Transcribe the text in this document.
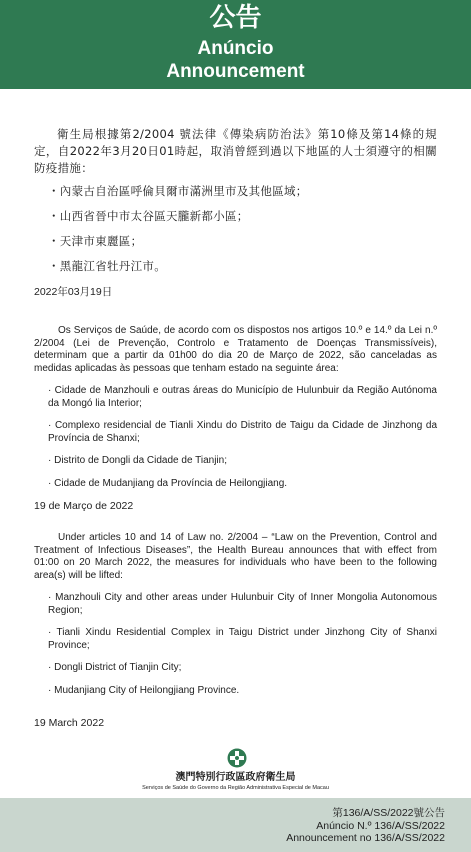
公告
Anúncio
Announcement

衛生局根據第2/2004 號法律《傳染病防治法》第10條及第14條的規定，自2022年3月20日01時起，取消曾經到過以下地區的人士須遵守的相關防疫措施：

・內蒙古自治區呼倫貝爾市滿洲里市及其他區域；

・山西省晉中市太谷區天朧新都小區；

・天津市東麗區；

・黑龍江省牡丹江市。

2022年03月19日

Os Serviços de Saúde, de acordo com os dispostos nos artigos 10.º e 14.º da Lei n.º 2/2004 (Lei de Prevenção, Controlo e Tratamento de Doenças Transmissíveis), determinam que a partir da 01h00 do dia 20 de Março de 2022, são canceladas as medidas aplicadas às pessoas que tenham estado na seguinte área:

· Cidade de Manzhouli e outras áreas do Município de Hulunbuir da Região Autónoma da Mongó lia Interior;

· Complexo residencial de Tianli Xindu do Distrito de Taigu da Cidade de Jinzhong da Província de Shanxi;

· Distrito de Dongli da Cidade de Tianjin;

· Cidade de Mudanjiang da Província de Heilongjiang.

19 de Março de 2022

Under articles 10 and 14 of Law no. 2/2004 – “Law on the Prevention, Control and Treatment of Infectious Diseases”, the Health Bureau announces that with effect from 01:00 on 20 March 2022, the measures for individuals who have been to the following area(s) will be lifted:

· Manzhouli City and other areas under Hulunbuir City of Inner Mongolia Autonomous Region;

· Tianli Xindu Residential Complex in Taigu District under Jinzhong City of Shanxi Province;

· Dongli District of Tianjin City;

· Mudanjiang City of Heilongjiang Province.

19 March 2022

澳門特別行政區政府衛生局
Serviços de Saúde do Governo da Região Administrativa Especial de Macau
第136/A/SS/2022號公告
Anúncio N.º 136/A/SS/2022
Announcement no 136/A/SS/2022
